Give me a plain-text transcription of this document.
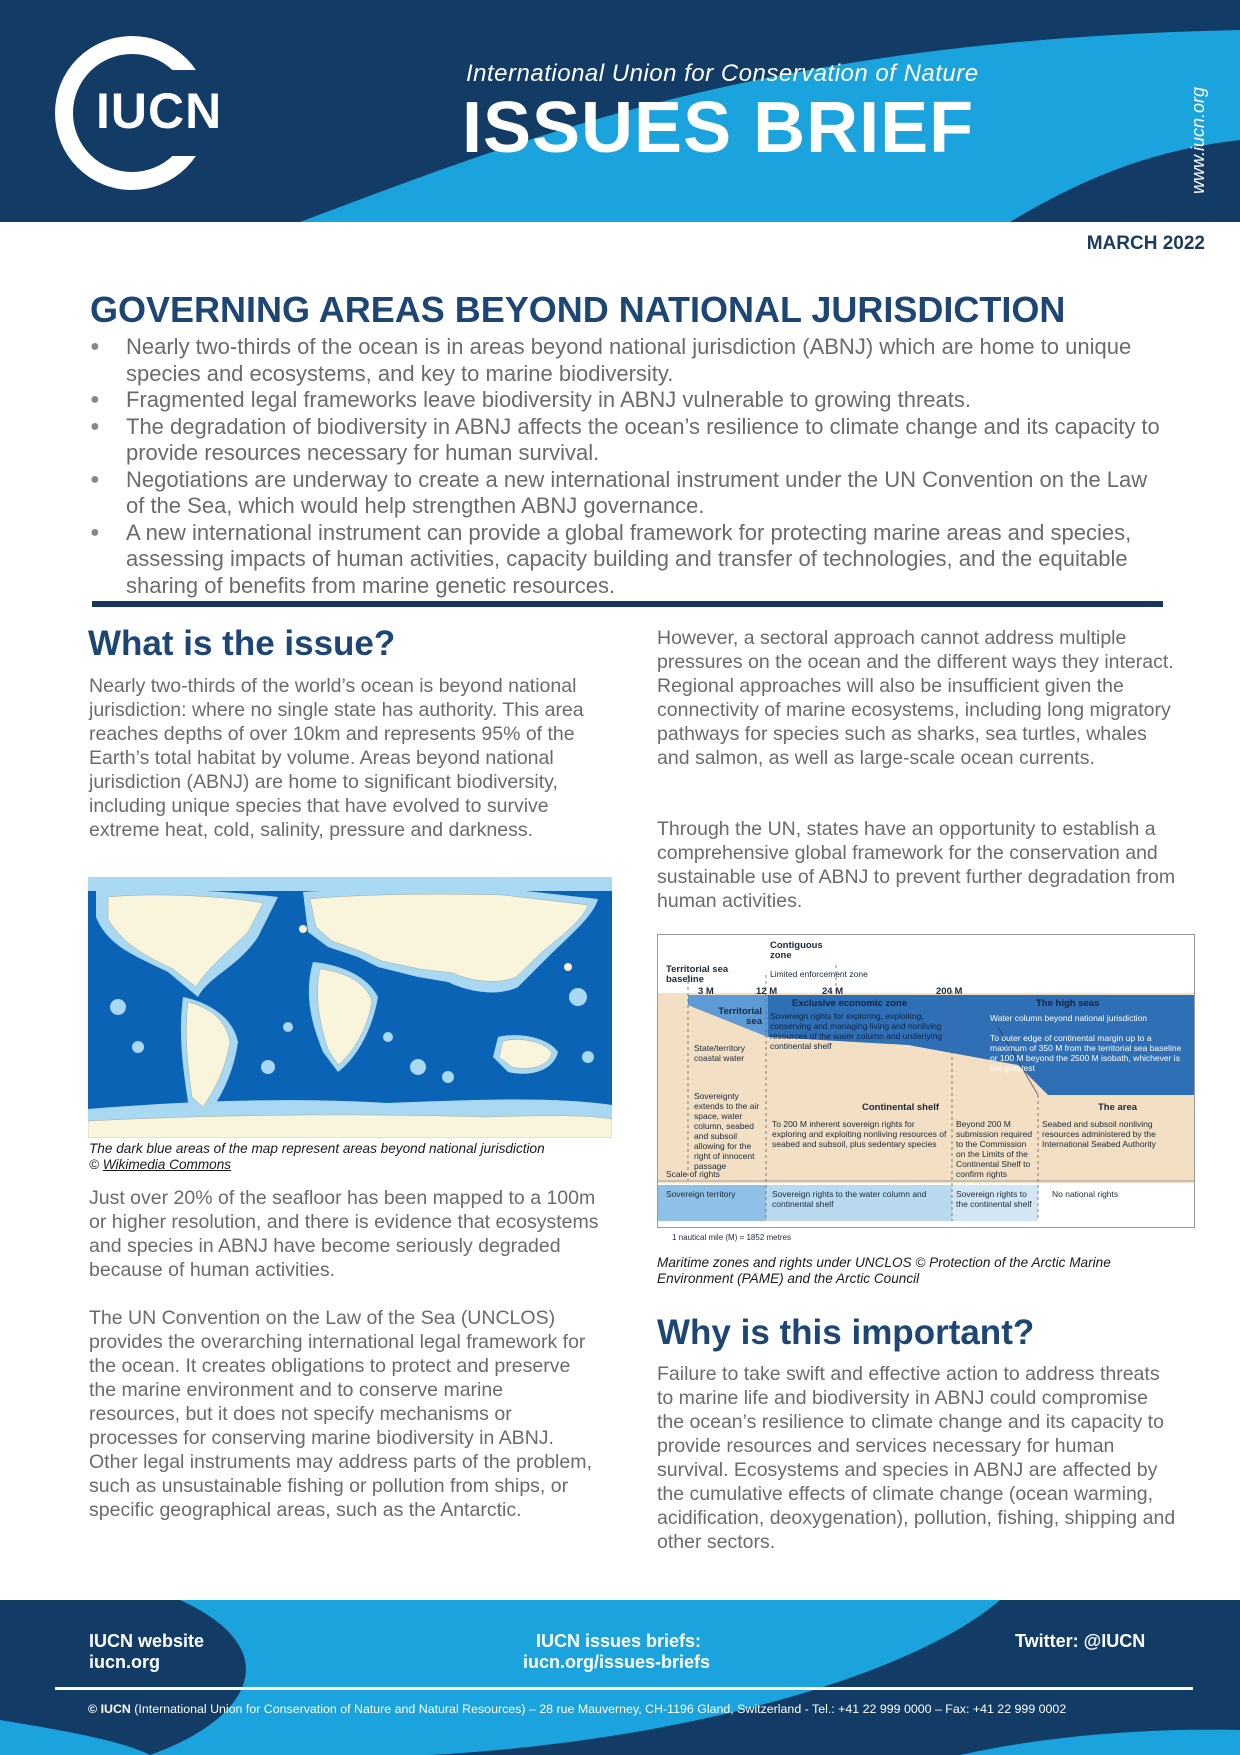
IUCN
International Union for Conservation of Nature
ISSUES BRIEF	www.iucn.org
MARCH 2022
GOVERNING AREAS BEYOND NATIONAL JURISDICTION
● Nearly two-thirds of the ocean is in areas beyond national jurisdiction (ABNJ) which are home to unique species and ecosystems, and key to marine biodiversity.
● Fragmented legal frameworks leave biodiversity in ABNJ vulnerable to growing threats.
● The degradation of biodiversity in ABNJ affects the ocean’s resilience to climate change and its capacity to provide resources necessary for human survival.
● Negotiations are underway to create a new international instrument under the UN Convention on the Law of the Sea, which would help strengthen ABNJ governance.
● A new international instrument can provide a global framework for protecting marine areas and species, assessing impacts of human activities, capacity building and transfer of technologies, and the equitable sharing of benefits from marine genetic resources.
What is the issue?

Nearly two-thirds of the world’s ocean is beyond national jurisdiction: where no single state has authority. This area reaches depths of over 10km and represents 95% of the Earth’s total habitat by volume. Areas beyond national jurisdiction (ABNJ) are home to significant biodiversity, including unique species that have evolved to survive extreme heat, cold, salinity, pressure and darkness.

The dark blue areas of the map represent areas beyond national jurisdiction
© Wikimedia Commons

Just over 20% of the seafloor has been mapped to a 100m or higher resolution, and there is evidence that ecosystems and species in ABNJ have become seriously degraded because of human activities.

The UN Convention on the Law of the Sea (UNCLOS) provides the overarching international legal framework for the ocean. It creates obligations to protect and preserve the marine environment and to conserve marine resources, but it does not specify mechanisms or processes for conserving marine biodiversity in ABNJ. Other legal instruments may address parts of the problem, such as unsustainable fishing or pollution from ships, or specific geographical areas, such as the Antarctic.

However, a sectoral approach cannot address multiple pressures on the ocean and the different ways they interact. Regional approaches will also be insufficient given the connectivity of marine ecosystems, including long migratory pathways for species such as sharks, sea turtles, whales and salmon, as well as large-scale ocean currents.

Through the UN, states have an opportunity to establish a comprehensive global framework for the conservation and sustainable use of ABNJ to prevent further degradation from human activities.

Contiguous zone
Limited enforcement zone
Territorial sea baseline
3 M	12 M	24 M	200 M
Territorial sea
Exclusive economic zone
Sovereign rights for exploring, exploiting, conserving and managing living and nonliving resources of the water column and underlying continental shelf
The high seas
Water column beyond national jurisdiction
To outer edge of continental margin up to a maximum of 350 M from the territorial sea baseline or 100 M beyond the 2500 M isobath, whichever is the greatest
State/territory coastal water
Sovereignty extends to the air space, water column, seabed and subsoil allowing for the right of innocent passage
Continental shelf
To 200 M inherent sovereign rights for exploring and exploiting nonliving resources of seabed and subsoil, plus sedentary species
Beyond 200 M submission required to the Commission on the Limits of the Continental Shelf to confirm rights
The area
Seabed and subsoil nonliving resources administered by the International Seabed Authority
Scale of rights
Sovereign territory	Sovereign rights to the water column and continental shelf
Sovereign rights to the continental shelf
No national rights
1 nautical mile (M) = 1852 metres
Maritime zones and rights under UNCLOS © Protection of the Arctic Marine Environment (PAME) and the Arctic Council
Why is this important?

Failure to take swift and effective action to address threats to marine life and biodiversity in ABNJ could compromise the ocean’s resilience to climate change and its capacity to provide resources and services necessary for human survival. Ecosystems and species in ABNJ are affected by the cumulative effects of climate change (ocean warming, acidification, deoxygenation), pollution, fishing, shipping and other sectors.

IUCN website
iucn.org
IUCN issues briefs:
iucn.org/issues-briefs
Twitter: @IUCN
© IUCN (International Union for Conservation of Nature and Natural Resources) – 28 rue Mauverney, CH-1196 Gland, Switzerland - Tel.: +41 22 999 0000 – Fax: +41 22 999 0002
